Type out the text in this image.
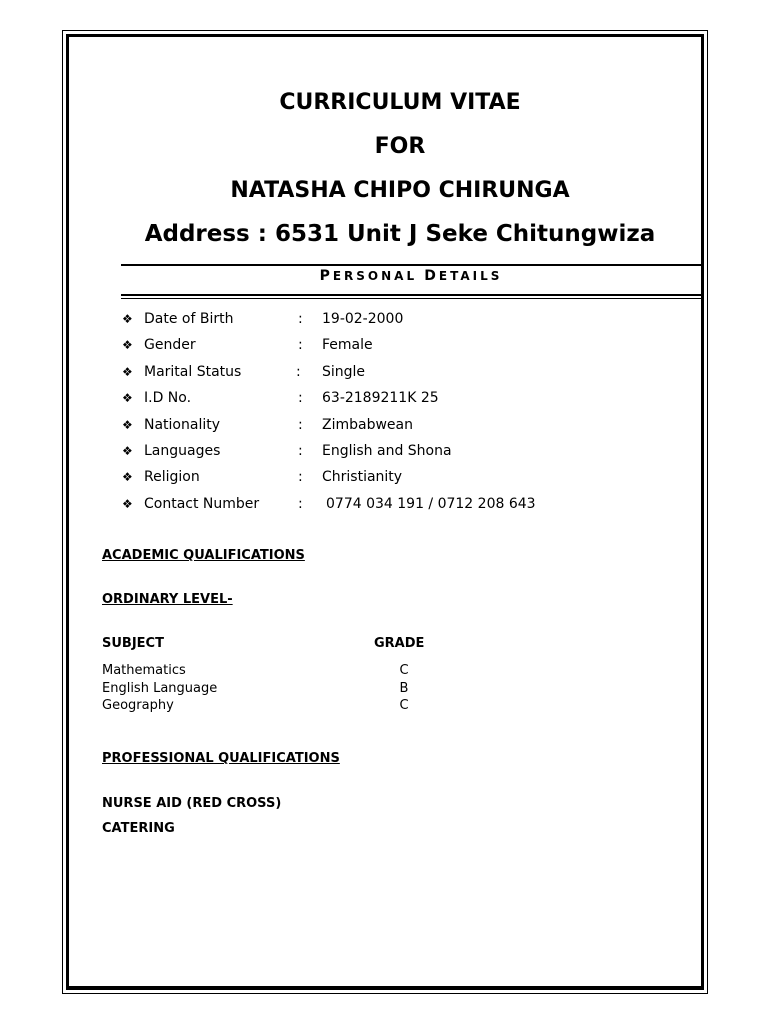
CURRICULUM VITAE
FOR
NATASHA CHIPO CHIRUNGA
Address : 6531 Unit J Seke Chitungwiza
PERSONAL DETAILS
❖ Date of Birth	: 19-02-2000
❖ Gender	: Female
❖ Marital Status	: Single
❖ I.D No.	: 63-2189211K 25
❖ Nationality	: Zimbabwean
❖ Languages	: English and Shona
❖ Religion	: Christianity
❖ Contact Number	: 0774 034 191 / 0712 208 643
ACADEMIC QUALIFICATIONS
ORDINARY LEVEL-
SUBJECT	GRADE
Mathematics	C
English Language	B
Geography	C
PROFESSIONAL QUALIFICATIONS
NURSE AID (RED CROSS)
CATERING
